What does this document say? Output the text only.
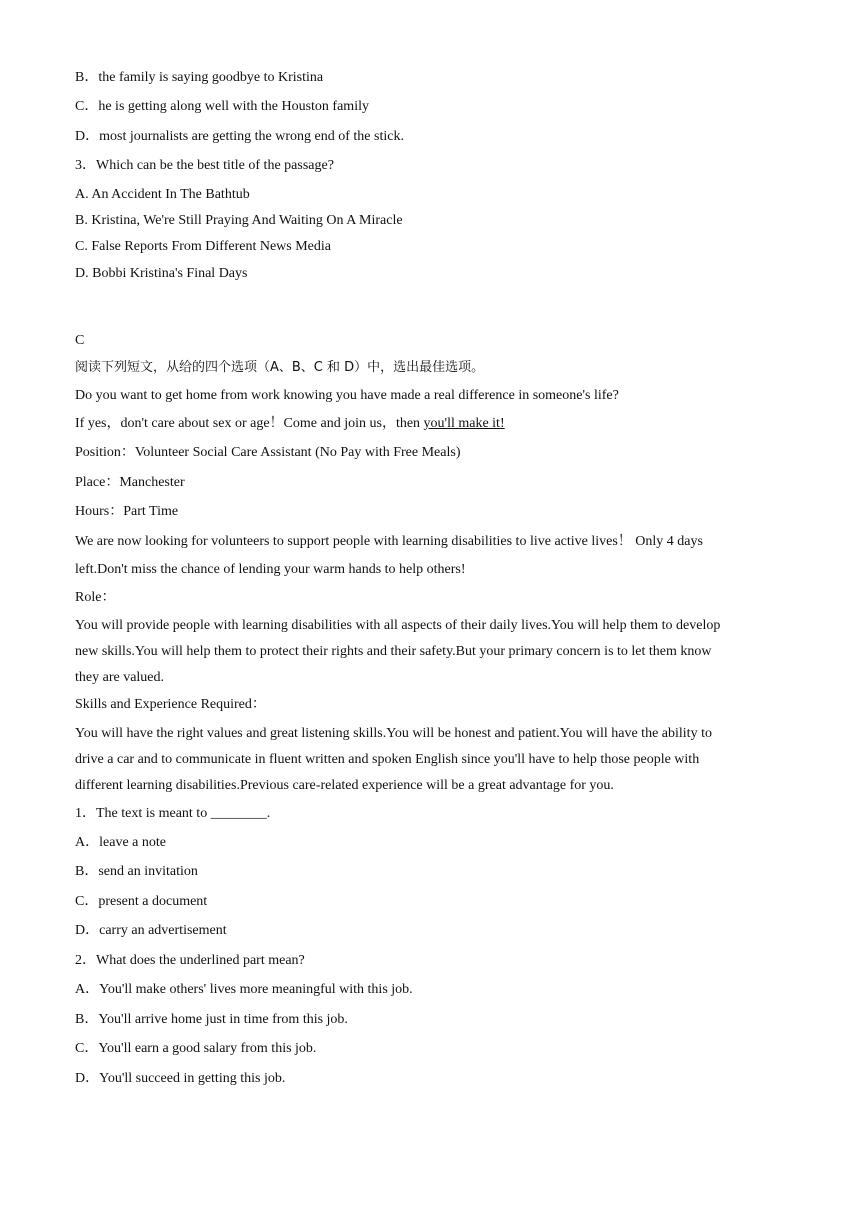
B．the family is saying goodbye to Kristina
C．he is getting along well with the Houston family
D．most journalists are getting the wrong end of the stick.
3．Which can be the best title of the passage?
A. An Accident In The Bathtub
B. Kristina, We're Still Praying And Waiting On A Miracle
C. False Reports From Different News Media
D. Bobbi Kristina's Final Days
C
阅读下列短文，从给的四个选项（A、B、C 和 D）中，选出最佳选项。
Do you want to get home from work knowing you have made a real difference in someone's life?
If yes，don't care about sex or age！Come and join us，then you'll make it!
Position：Volunteer Social Care Assistant (No Pay with Free Meals)
Place：Manchester
Hours：Part Time
We are now looking for volunteers to support people with learning disabilities to live active lives！ Only 4 days
left.Don't miss the chance of lending your warm hands to help others!
Role：
You will provide people with learning disabilities with all aspects of their daily lives.You will help them to develop
new skills.You will help them to protect their rights and their safety.But your primary concern is to let them know
they are valued.
Skills and Experience Required：
You will have the right values and great listening skills.You will be honest and patient.You will have the ability to
drive a car and to communicate in fluent written and spoken English since you'll have to help those people with
different learning disabilities.Previous care-related experience will be a great advantage for you.
1．The text is meant to ________.
A．leave a note
B．send an invitation
C．present a document
D．carry an advertisement
2．What does the underlined part mean?
A．You'll make others' lives more meaningful with this job.
B．You'll arrive home just in time from this job.
C．You'll earn a good salary from this job.
D．You'll succeed in getting this job.
